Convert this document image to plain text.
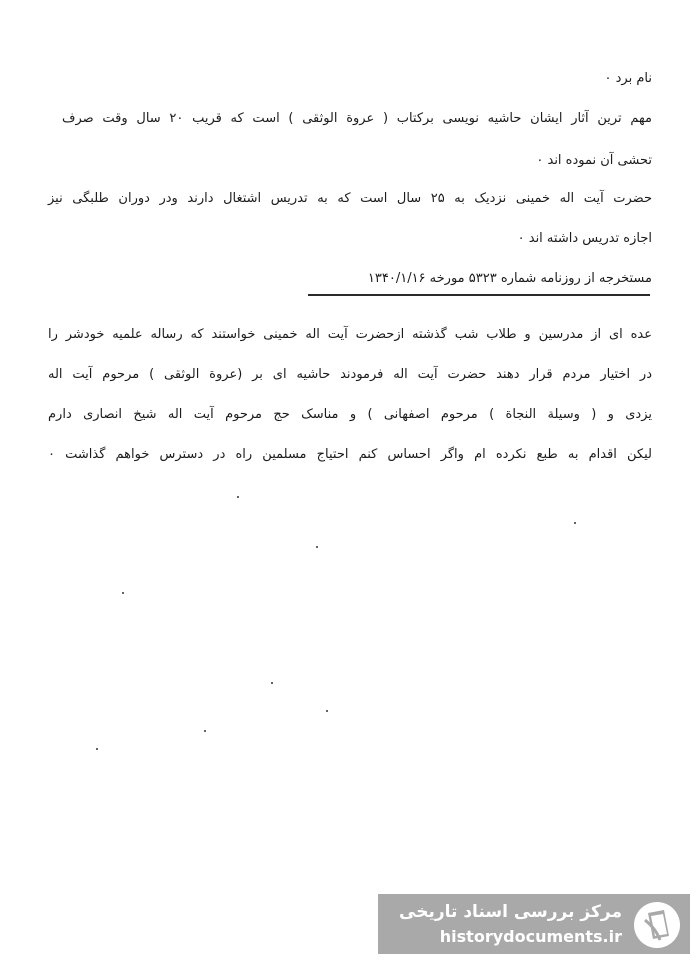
نام برد ۰
مهم ترین آثار ایشان حاشیه نویسی برکتاب ( عروة الوثقی ) است که قریب ۲۰ سال وقت صرف
تحشی آن نموده اند ۰
حضرت آیت اله خمینی نزدیک به ۲۵ سال است که به تدریس اشتغال دارند ودر دوران طلبگی نیز
اجازه تدریس داشته اند ۰
مستخرجه از روزنامه شماره ۵۳۲۳ مورخه ۱۳۴۰/۱/۱۶
عده ای از مدرسین و طلاب شب گذشته ازحضرت آیت اله خمینی خواستند که رساله علمیه خودشر را
در اختیار مردم قرار دهند حضرت آیت اله فرمودند حاشیه ای بر (عروة الوثقی ) مرحوم آیت اله
یزدی و ( وسیلة النجاة ) مرحوم اصفهانی ) و مناسک حج مرحوم آیت اله شیخ انصاری دارم
لیکن اقدام به طبع نکرده ام واگر احساس کنم احتیاج مسلمین راه در دسترس خواهم گذاشت ۰
مرکز بررسی اسناد تاریخی
historydocuments.ir
